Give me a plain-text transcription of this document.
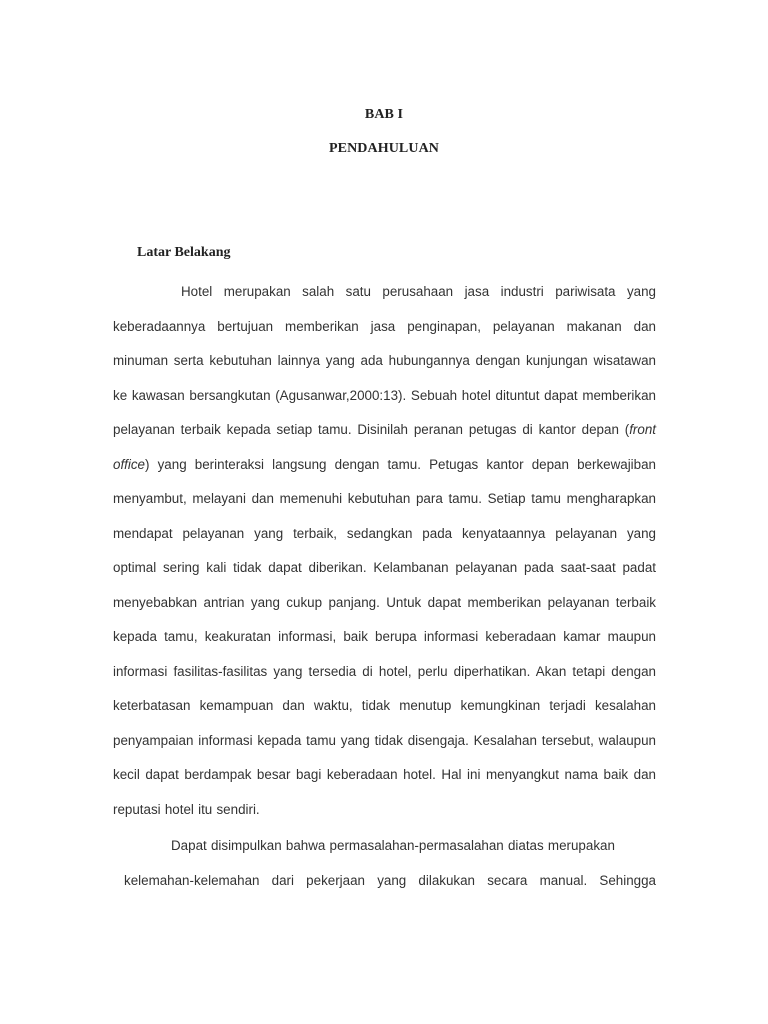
BAB I
PENDAHULUAN
Latar Belakang

Hotel merupakan salah satu perusahaan jasa industri pariwisata yang keberadaannya bertujuan memberikan jasa penginapan, pelayanan makanan dan minuman serta kebutuhan lainnya yang ada hubungannya dengan kunjungan wisatawan ke kawasan bersangkutan (Agusanwar,2000:13). Sebuah hotel dituntut dapat memberikan pelayanan terbaik kepada setiap tamu. Disinilah peranan petugas di kantor depan (front office) yang berinteraksi langsung dengan tamu. Petugas kantor depan berkewajiban menyambut, melayani dan memenuhi kebutuhan para tamu. Setiap tamu mengharapkan mendapat pelayanan yang terbaik, sedangkan pada kenyataannya pelayanan yang optimal sering kali tidak dapat diberikan. Kelambanan pelayanan pada saat-saat padat menyebabkan antrian yang cukup panjang. Untuk dapat memberikan pelayanan terbaik kepada tamu, keakuratan informasi, baik berupa informasi keberadaan kamar maupun informasi fasilitas-fasilitas yang tersedia di hotel, perlu diperhatikan. Akan tetapi dengan keterbatasan kemampuan dan waktu, tidak menutup kemungkinan terjadi kesalahan penyampaian informasi kepada tamu yang tidak disengaja. Kesalahan tersebut, walaupun kecil dapat berdampak besar bagi keberadaan hotel. Hal ini menyangkut nama baik dan reputasi hotel itu sendiri.

Dapat disimpulkan bahwa permasalahan-permasalahan diatas merupakan
kelemahan-kelemahan dari pekerjaan yang dilakukan secara manual. Sehingga
